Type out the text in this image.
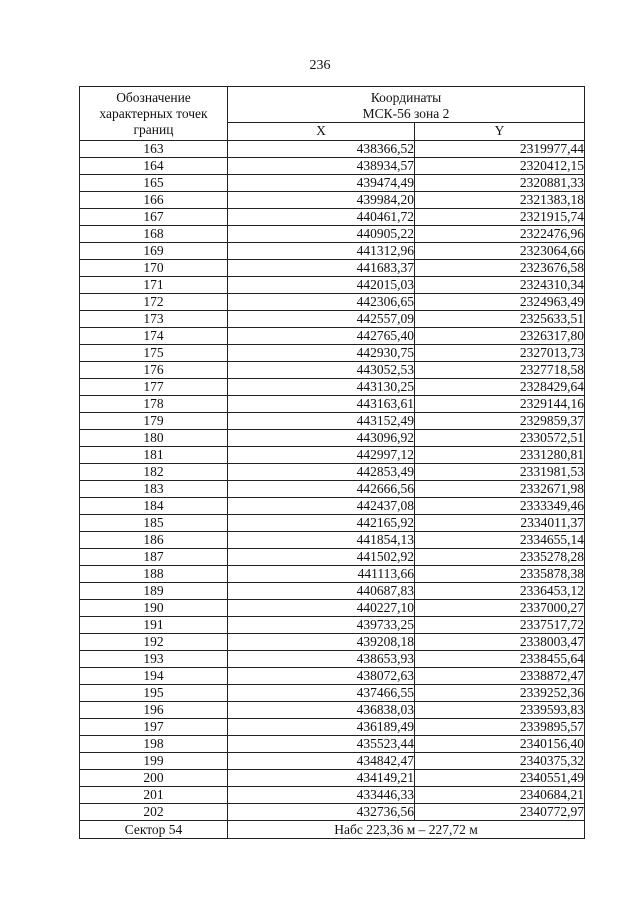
236
Обозначение характерных точек границ	Координаты
МСК-56 зона 2	

	X	Y
163	438366,52	2319977,44
164	438934,57	2320412,15
165	439474,49	2320881,33
166	439984,20	2321383,18
167	440461,72	2321915,74
168	440905,22	2322476,96
169	441312,96	2323064,66
170	441683,37	2323676,58
171	442015,03	2324310,34
172	442306,65	2324963,49
173	442557,09	2325633,51
174	442765,40	2326317,80
175	442930,75	2327013,73
176	443052,53	2327718,58
177	443130,25	2328429,64
178	443163,61	2329144,16
179	443152,49	2329859,37
180	443096,92	2330572,51
181	442997,12	2331280,81
182	442853,49	2331981,53
183	442666,56	2332671,98
184	442437,08	2333349,46
185	442165,92	2334011,37
186	441854,13	2334655,14
187	441502,92	2335278,28
188	441113,66	2335878,38
189	440687,83	2336453,12
190	440227,10	2337000,27
191	439733,25	2337517,72
192	439208,18	2338003,47
193	438653,93	2338455,64
194	438072,63	2338872,47
195	437466,55	2339252,36
196	436838,03	2339593,83
197	436189,49	2339895,57
198	435523,44	2340156,40
199	434842,47	2340375,32
200	434149,21	2340551,49
201	433446,33	2340684,21
202	432736,56	2340772,97
Сектор 54	Набс 223,36 м – 227,72 м	
